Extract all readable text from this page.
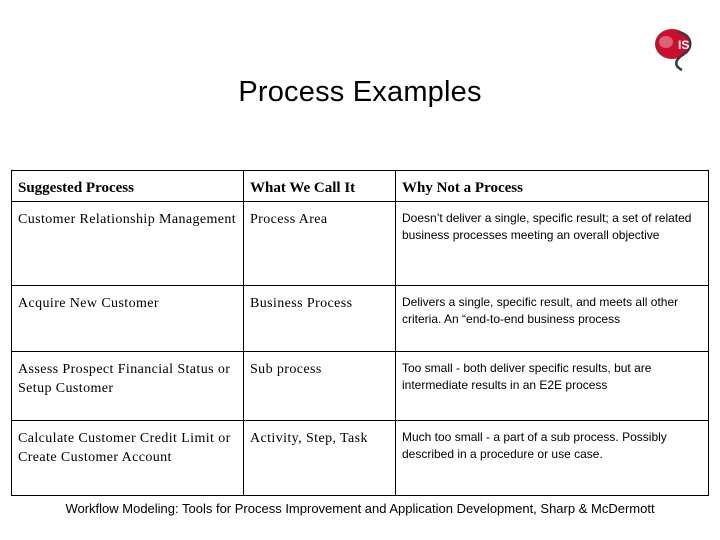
IS
Process Examples
Suggested Process	What We Call It	Why Not a Process
Customer Relationship Management	Process Area	Doesn’t deliver a single, specific result; a set of related business processes meeting an overall objective
Acquire New Customer	Business Process	Delivers a single, specific result, and meets all other criteria. An “end-to-end business process
Assess Prospect Financial Status or Setup Customer	Sub process	Too small - both deliver specific results, but are intermediate results in an E2E process
Calculate Customer Credit Limit or Create Customer Account	Activity, Step, Task	Much too small - a part of a sub process. Possibly described in a procedure or use case.
Workflow Modeling: Tools for Process Improvement and Application Development, Sharp & McDermott
